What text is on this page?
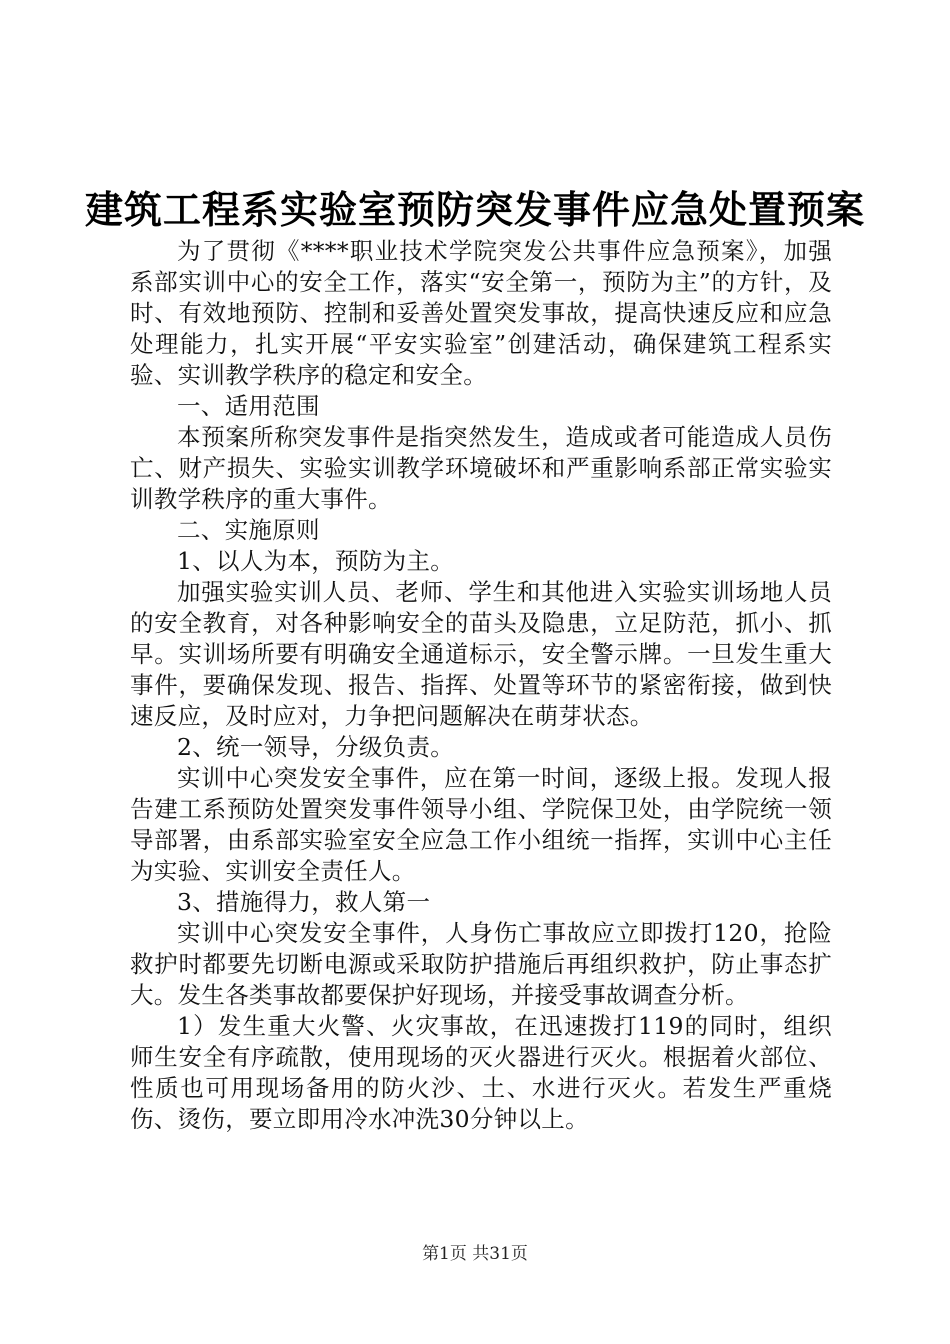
建筑工程系实验室预防突发事件应急处置预案

为了贯彻《****职业技术学院突发公共事件应急预案》，加强系部实训中心的安全工作，落实“安全第一，预防为主”的方针，及时、有效地预防、控制和妥善处置突发事故，提高快速反应和应急处理能力，扎实开展“平安实验室”创建活动，确保建筑工程系实验、实训教学秩序的稳定和安全。

一、适用范围

本预案所称突发事件是指突然发生，造成或者可能造成人员伤亡、财产损失、实验实训教学环境破坏和严重影响系部正常实验实训教学秩序的重大事件。

二、实施原则

1、以人为本，预防为主。

加强实验实训人员、老师、学生和其他进入实验实训场地人员的安全教育，对各种影响安全的苗头及隐患，立足防范，抓小、抓早。实训场所要有明确安全通道标示，安全警示牌。一旦发生重大事件，要确保发现、报告、指挥、处置等环节的紧密衔接，做到快速反应，及时应对，力争把问题解决在萌芽状态。

2、统一领导，分级负责。

实训中心突发安全事件，应在第一时间，逐级上报。发现人报告建工系预防处置突发事件领导小组、学院保卫处，由学院统一领导部署，由系部实验室安全应急工作小组统一指挥，实训中心主任为实验、实训安全责任人。

3、措施得力，救人第一

实训中心突发安全事件，人身伤亡事故应立即拨打120，抢险救护时都要先切断电源或采取防护措施后再组织救护，防止事态扩大。发生各类事故都要保护好现场，并接受事故调查分析。

1）发生重大火警、火灾事故，在迅速拨打119的同时，组织师生安全有序疏散，使用现场的灭火器进行灭火。根据着火部位、性质也可用现场备用的防火沙、土、水进行灭火。若发生严重烧伤、烫伤，要立即用冷水冲洗30分钟以上。

第1页 共31页
